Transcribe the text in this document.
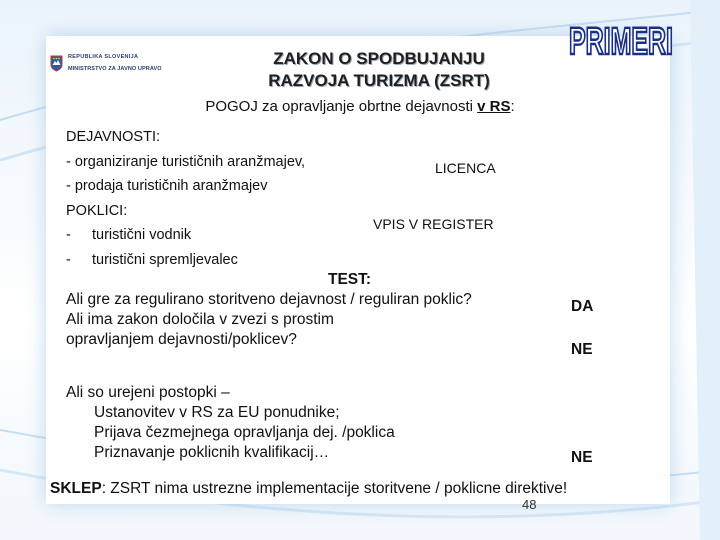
REPUBLIKA SLOVENIJA
MINISTRSTVO ZA JAVNO UPRAVO
ZAKON O SPODBUJANJU
RAZVOJA TURIZMA (ZSRT)
PRIMERI
POGOJ za opravljanje obrtne dejavnosti v RS:
DEJAVNOSTI:
- organiziranje turističnih aranžmajev,
- prodaja turističnih aranžmajev
POKLICI:
- turistični vodnik
- turistični spremljevalec
LICENCA
VPIS V REGISTER
TEST:
Ali gre za regulirano storitveno dejavnost / reguliran poklic?
Ali ima zakon določila v zvezi s prostim
opravljanjem dejavnosti/poklicev?
DA
NE
Ali so urejeni postopki –
Ustanovitev v RS za EU ponudnike;
Prijava čezmejnega opravljanja dej. /poklica
Priznavanje poklicnih kvalifikacij…	NE
SKLEP: ZSRT nima ustrezne implementacije storitvene / poklicne direktive!
48
